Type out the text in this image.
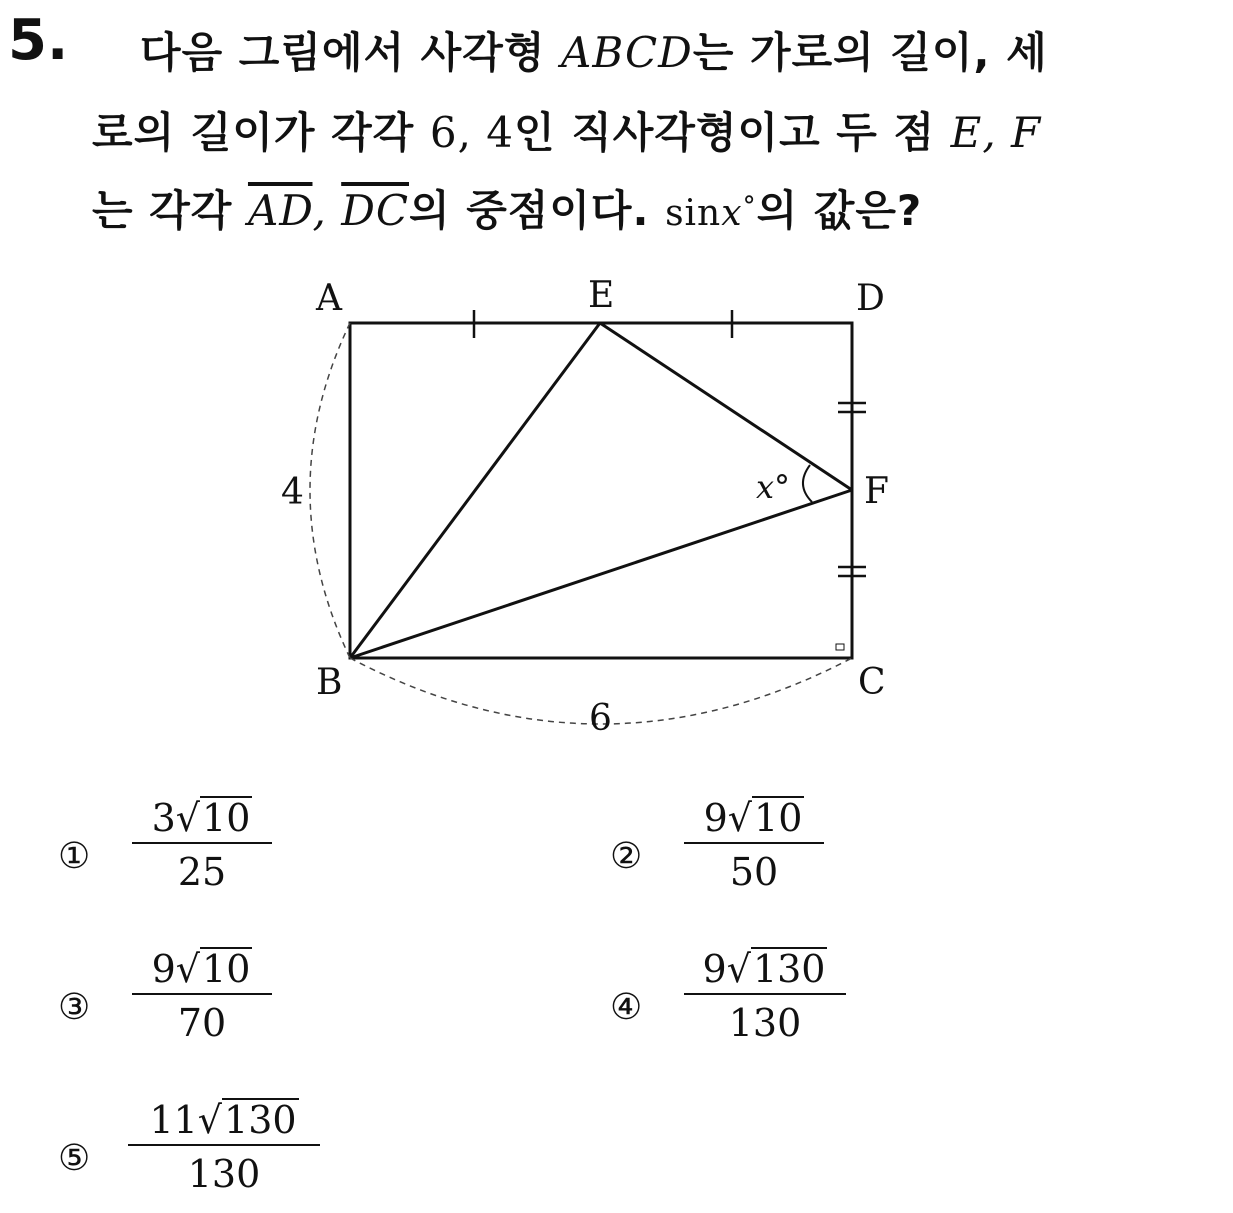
5. 다음 그림에서 사각형 ABCD는 가로의 길이, 세
로의 길이가 각각 6, 4인 직사각형이고 두 점 E, F
는 각각 $\overline{AD}$, $\overline{DC}$의 중점이다. sinx°의 값은?
A	E	D
F
B	C
4
6
x°
① $\frac{3√10}{25}$	② $\frac{9√10}{50}$
③ $\frac{9√10}{70}$	④ $\frac{9√130}{130}$
⑤ $\frac{11√130}{130}$
